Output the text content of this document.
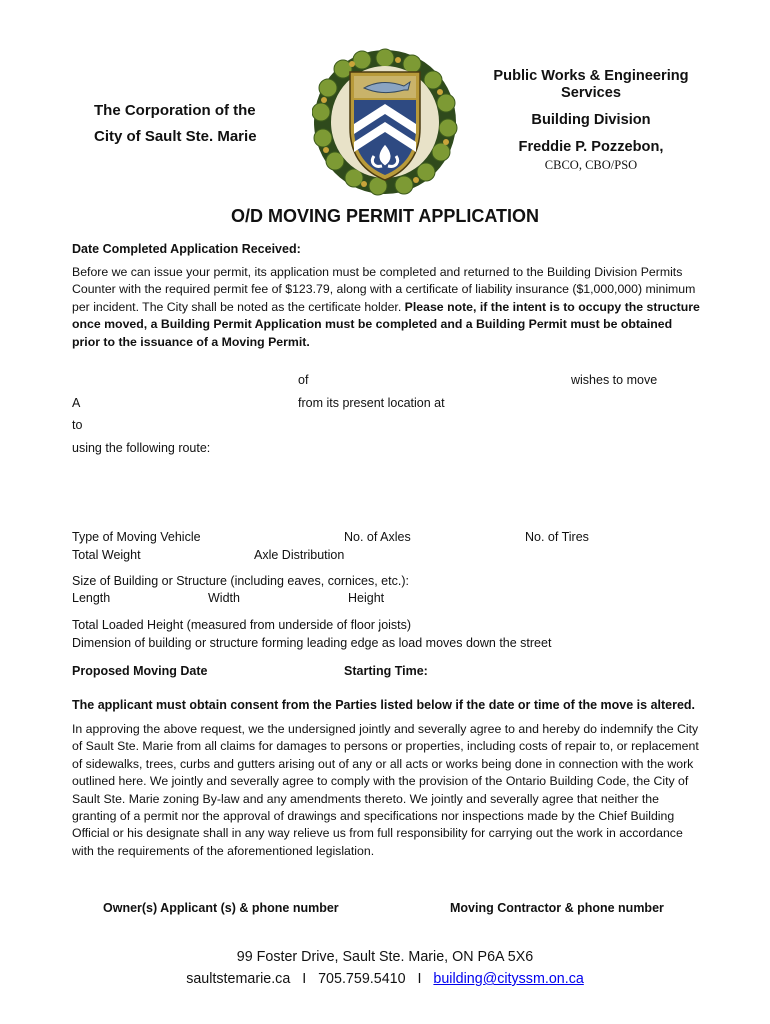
The Corporation of the
City of Sault Ste. Marie
Public Works & Engineering
Services
Building Division
Freddie P. Pozzebon,
CBCO, CBO/PSO
O/D MOVING PERMIT APPLICATION
Date Completed Application Received:
Before we can issue your permit, its application must be completed and returned to the Building Division Permits Counter with the required permit fee of $123.79, along with a certificate of liability insurance ($1,000,000) minimum per incident. The City shall be noted as the certificate holder. Please note, if the intent is to occupy the structure once moved, a Building Permit Application must be completed and a Building Permit must be obtained prior to the issuance of a Moving Permit.
of	wishes to move
A	from its present location at
to
using the following route:
Type of Moving Vehicle	No. of Axles	No. of Tires
Total Weight	Axle Distribution
Size of Building or Structure (including eaves, cornices, etc.):
Length	Width	Height
Total Loaded Height (measured from underside of floor joists)
Dimension of building or structure forming leading edge as load moves down the street
Proposed Moving Date	Starting Time:
The applicant must obtain consent from the Parties listed below if the date or time of the move is altered.
In approving the above request, we the undersigned jointly and severally agree to and hereby do indemnify the City of Sault Ste. Marie from all claims for damages to persons or properties, including costs of repair to, or replacement of sidewalks, trees, curbs and gutters arising out of any or all acts or works being done in connection with the work outlined here. We jointly and severally agree to comply with the provision of the Ontario Building Code, the City of Sault Ste. Marie zoning By-law and any amendments thereto. We jointly and severally agree that neither the granting of a permit nor the approval of drawings and specifications nor inspections made by the Chief Building Official or his designate shall in any way relieve us from full responsibility for carrying out the work in accordance with the requirements of the aforementioned legislation.
Owner(s) Applicant (s) & phone number	Moving Contractor & phone number
99 Foster Drive, Sault Ste. Marie, ON P6A 5X6
saultstemarie.ca I 705.759.5410 I building@cityssm.on.ca
